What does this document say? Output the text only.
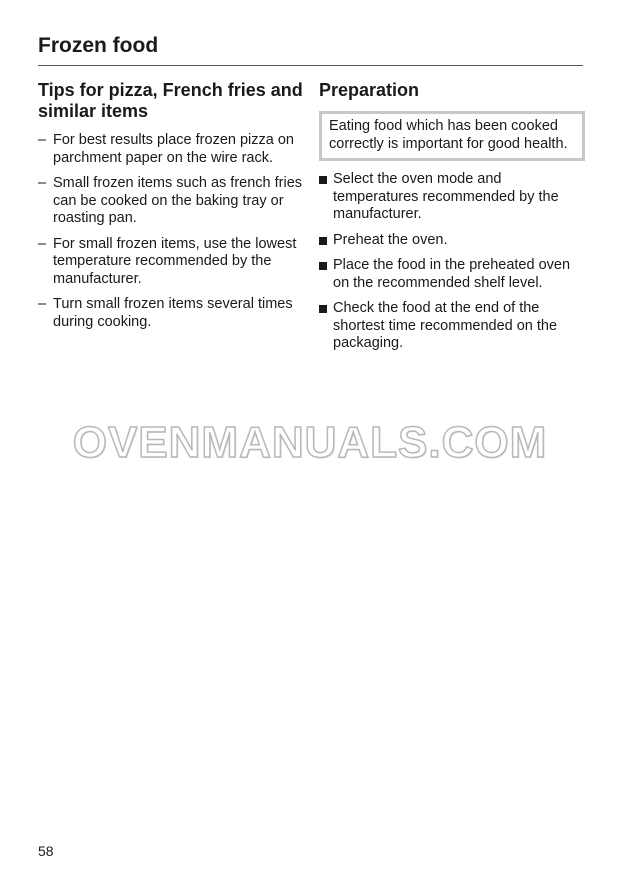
Frozen food
Tips for pizza, French fries and similar items
– For best results place frozen pizza on parchment paper on the wire rack.
– Small frozen items such as french fries can be cooked on the baking tray or roasting pan.
– For small frozen items, use the lowest temperature recommended by the manufacturer.
– Turn small frozen items several times during cooking.
Preparation
Eating food which has been cooked correctly is important for good health.
Select the oven mode and temperatures recommended by the manufacturer.
Preheat the oven.
Place the food in the preheated oven on the recommended shelf level.
Check the food at the end of the shortest time recommended on the packaging.
OVENMANUALS.COM
58
